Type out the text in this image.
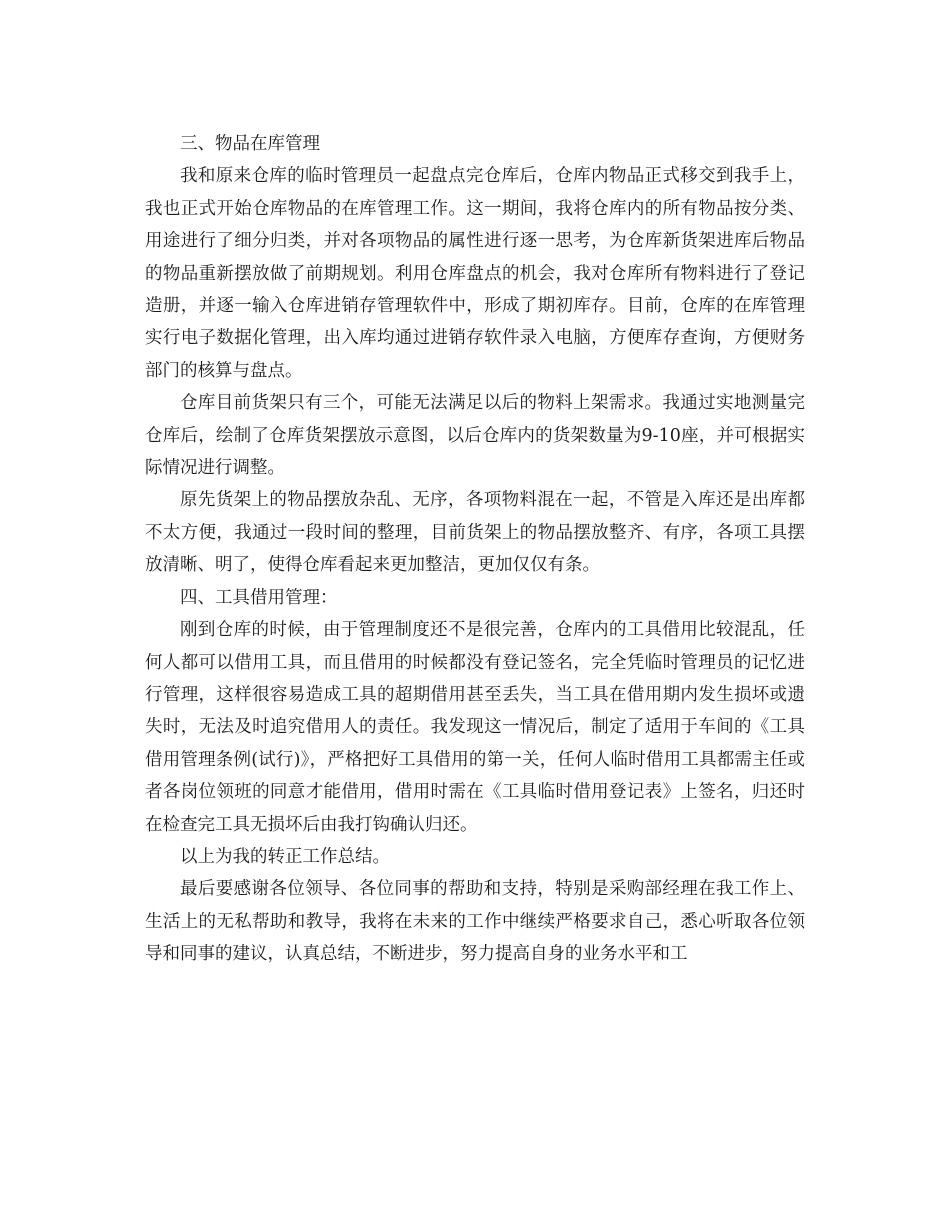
三、物品在库管理

我和原来仓库的临时管理员一起盘点完仓库后，仓库内物品正式移交到我手上，我也正式开始仓库物品的在库管理工作。这一期间，我将仓库内的所有物品按分类、用途进行了细分归类，并对各项物品的属性进行逐一思考，为仓库新货架进库后物品的物品重新摆放做了前期规划。利用仓库盘点的机会，我对仓库所有物料进行了登记造册，并逐一输入仓库进销存管理软件中，形成了期初库存。目前，仓库的在库管理实行电子数据化管理，出入库均通过进销存软件录入电脑，方便库存查询，方便财务部门的核算与盘点。

仓库目前货架只有三个，可能无法满足以后的物料上架需求。我通过实地测量完仓库后，绘制了仓库货架摆放示意图，以后仓库内的货架数量为9-10座，并可根据实际情况进行调整。

原先货架上的物品摆放杂乱、无序，各项物料混在一起，不管是入库还是出库都不太方便，我通过一段时间的整理，目前货架上的物品摆放整齐、有序，各项工具摆放清晰、明了，使得仓库看起来更加整洁，更加仅仅有条。

四、工具借用管理：

刚到仓库的时候，由于管理制度还不是很完善，仓库内的工具借用比较混乱，任何人都可以借用工具，而且借用的时候都没有登记签名，完全凭临时管理员的记忆进行管理，这样很容易造成工具的超期借用甚至丢失，当工具在借用期内发生损坏或遗失时，无法及时追究借用人的责任。我发现这一情况后，制定了适用于车间的《工具借用管理条例(试行)》，严格把好工具借用的第一关，任何人临时借用工具都需主任或者各岗位领班的同意才能借用，借用时需在《工具临时借用登记表》上签名，归还时在检查完工具无损坏后由我打钩确认归还。

以上为我的转正工作总结。

最后要感谢各位领导、各位同事的帮助和支持，特别是采购部经理在我工作上、生活上的无私帮助和教导，我将在未来的工作中继续严格要求自己，悉心听取各位领导和同事的建议，认真总结，不断进步，努力提高自身的业务水平和工
